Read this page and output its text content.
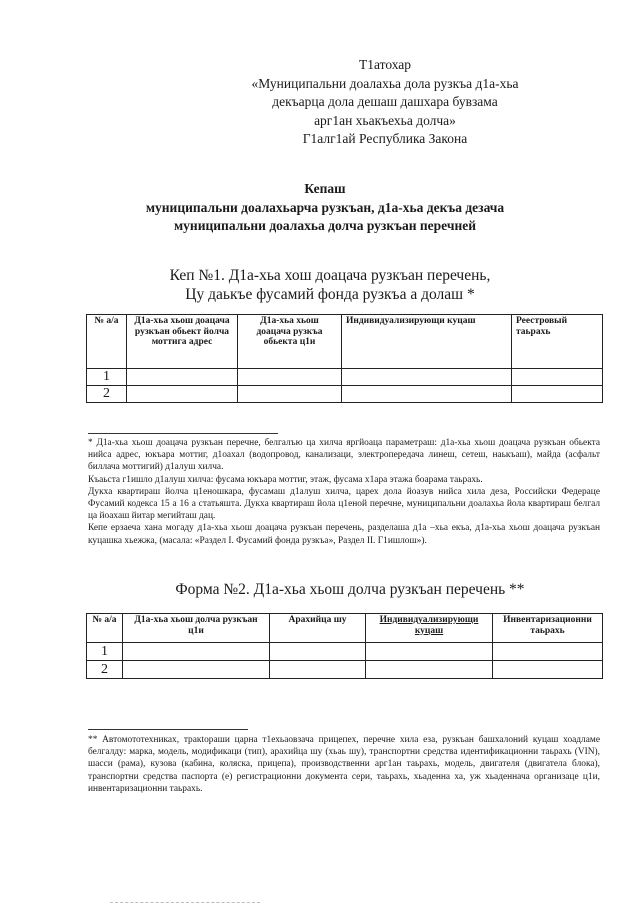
Т1атохар
«Муниципальни доалахьа дола рузкъа д1а-хьа
декъарца дола дешаш дашхара бувзама
арг1ан хьакъехьа долча»
Г1алг1ай Республика Закона
Кепаш
муниципальни доалахьарча рузкъан, д1а-хьа декъа дезача
муниципальни доалахьа долча рузкъан перечней
Кеп №1. Д1а-хьа хош доацача рузкъан перечень,
Цу даькъе фусамий фонда рузкъа а долаш *
№ а/а	Д1а-хьа хьош доацача рузкъан обьект йолча моттига адрес	Д1а-хьа хьош доацача рузкъа обьекта ц1и	Индивидуализирующи куцаш	Реестровый таьрахь
1				
2				

* Д1а-хьа хьош доацача рузкъан перечне, белгалъю ца хилча яргйоаца параметраш: д1а-хьа хьош доацача рузкъан обьекта нийса адрес, юкъара моттиг, д1оахал (водопровод, канализаци, электропередача линеш, сетеш, наькъаш), майда (асфальт биллача моттигий) д1алуш хилча.

Къаьста г1ишло д1алуш хилча: фусама юкъара моттиг, этаж, фусама х1ара этажа боарама таьрахь.

Дукха квартираш йолча ц1еношкара, фусамаш д1алуш хилча, царех дола йоазув нийса хила деза, Российски Федераце Фусамий кодекса 15 а 16 а статьяшта. Дукха квартираш йола ц1еной перечне, муниципальни доалахьа йола квартираш белгал ца йоахаш йитар мегийташ дац.

Кепе ерзаеча хана могаду д1а-хьа хьош доацача рузкъан перечень, разделаша д1а –хьа екъа, д1а-хьа хьош доацача рузкъан куцашка хьежжа, (масала: «Раздел I. Фусамий фонда рузкъа», Раздел II. Г1ишлош»).

Форма №2. Д1а-хьа хьош долча рузкъан перечень **
№ а/а	Д1а-хьа хьош долча рузкъан ц1и	Арахийца шу	Индивидуализирующи куцаш	Инвентаризационни таьрахь
1				
2				

** Автомототехниках, тракtoраши царна т1ехьаовзача прицепех, перечне хила еза, рузкъан башхалоний куцаш хоадламе белгалду: марка, модель, модификаци (тип), арахийца шу (хьаь шу), транспортни средства идентификационни таьрахь (VIN), шасси (рама), кузова (кабина, коляска, прицепа), производственни арг1ан таьрахь, модель, двигателя (двигатела блока), транспортни средства паспорта (е) регистрационни документа сери, таьрахь, хьаденна ха, уж хьаденнача организаце ц1и, инвентаризационни таьрахь.
